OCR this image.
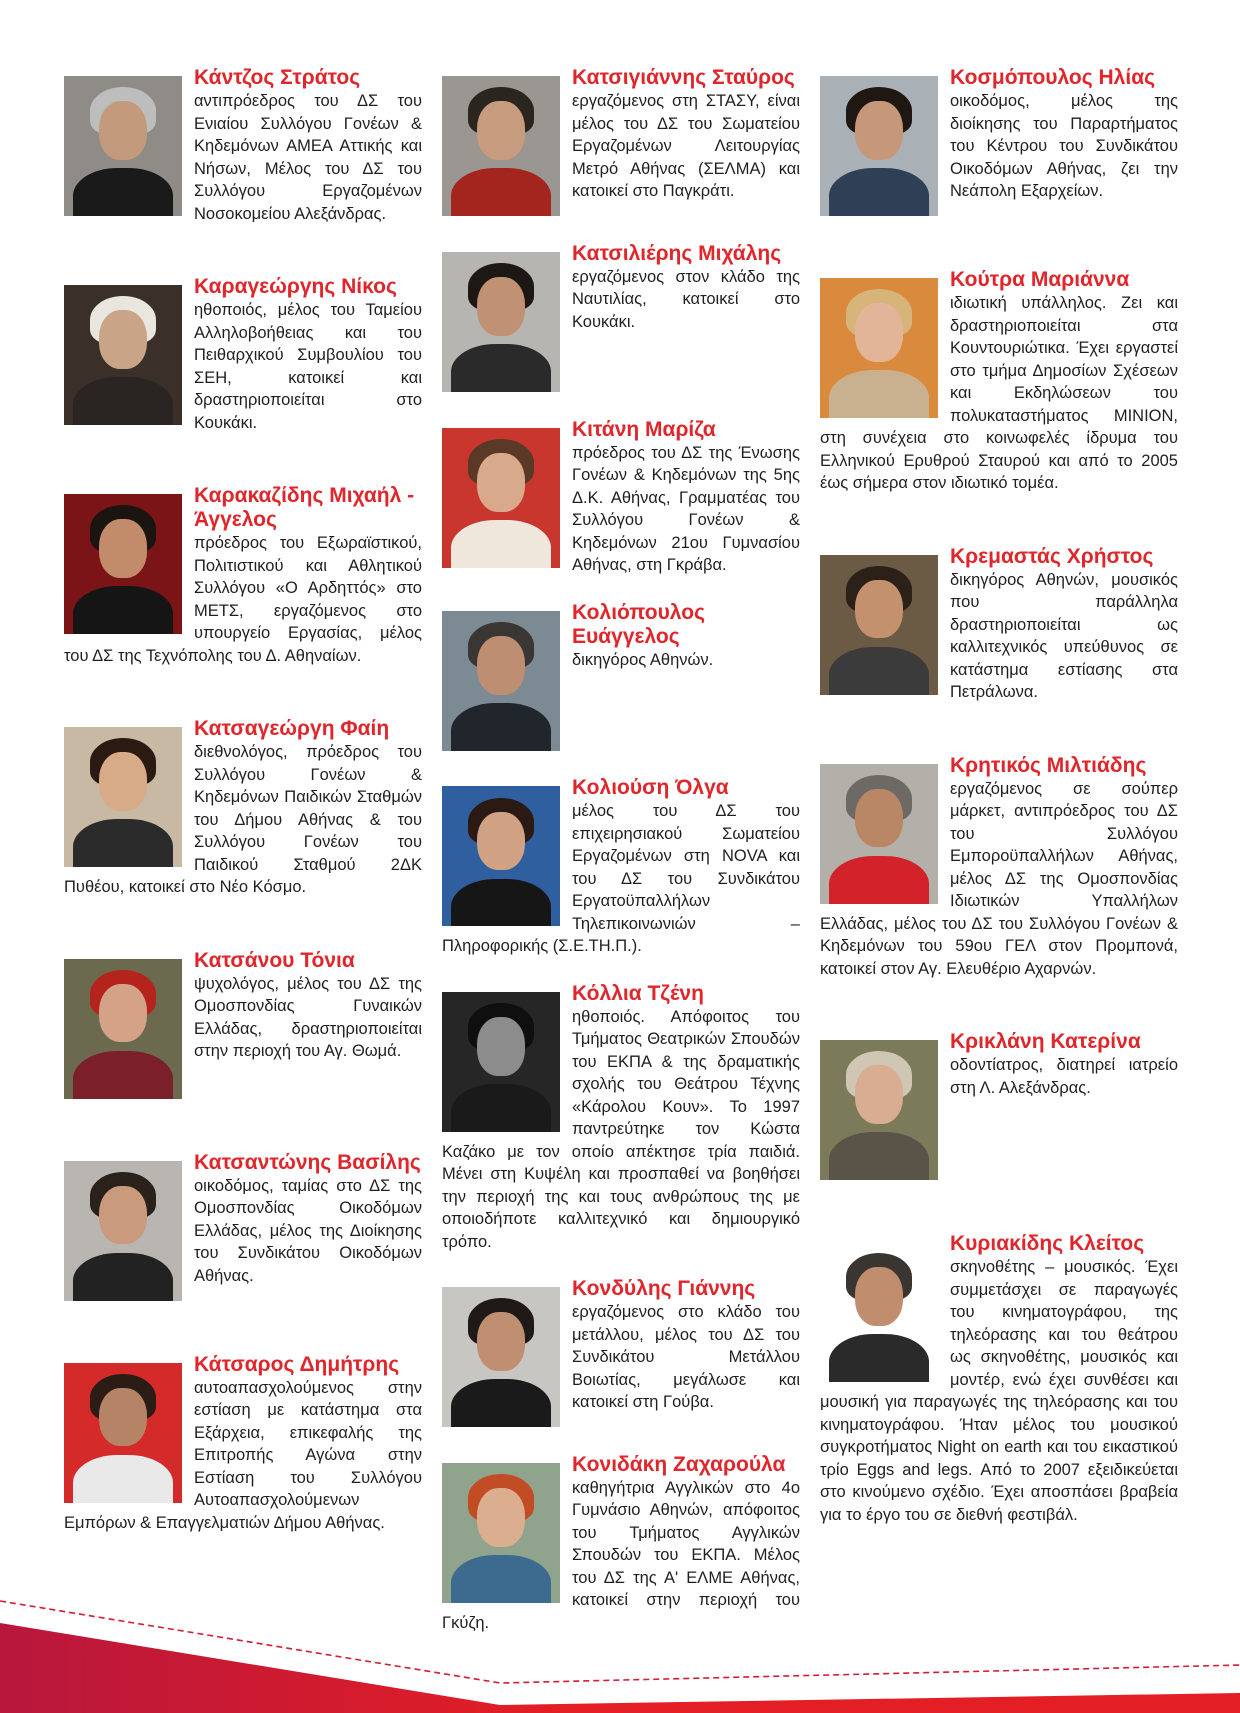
Κάντζος Στράτος

αντιπρόεδρος του ΔΣ του Ενιαίου Συλλόγου Γονέων & Κηδεμόνων ΑΜΕΑ Αττικής και Νήσων, Μέλος του ΔΣ του Συλλόγου Εργαζομένων Νοσοκομείου Αλεξάνδρας.

Καραγεώργης Νίκος

ηθοποιός, μέλος του Ταμείου Αλληλοβοήθειας και του Πειθαρχικού Συμβουλίου του ΣΕΗ, κατοικεί και δραστηριοποιείται στο Κουκάκι.

Καρακαζίδης Μιχαήλ - Άγγελος

πρόεδρος του Εξωραϊστικού, Πολιτιστικού και Αθλητικού Συλλόγου «Ο Αρδηττός» στο ΜΕΤΣ, εργαζόμενος στο υπουργείο Εργασίας, μέλος του ΔΣ της Τεχνόπολης του Δ. Αθηναίων.

Κατσαγεώργη Φαίη

διεθνολόγος, πρόεδρος του Συλλόγου Γονέων & Κηδεμόνων Παιδικών Σταθμών του Δήμου Αθήνας & του Συλλόγου Γονέων του Παιδικού Σταθμού 2ΔΚ Πυθέου, κατοικεί στο Νέο Κόσμο.

Κατσάνου Τόνια

ψυχολόγος, μέλος του ΔΣ της Ομοσπονδίας Γυναικών Ελλάδας, δραστηριοποιείται στην περιοχή του Αγ. Θωμά.

Κατσαντώνης Βασίλης

οικοδόμος, ταμίας στο ΔΣ της Ομοσπονδίας Οικοδόμων Ελλάδας, μέλος της Διοίκησης του Συνδικάτου Οικοδόμων Αθήνας.

Κάτσαρος Δημήτρης

αυτοαπασχολούμενος στην εστίαση με κατάστημα στα Εξάρχεια, επικεφαλής της Επιτροπής Αγώνα στην Εστίαση του Συλλόγου Αυτοαπασχολούμενων Εμπόρων & Επαγγελματιών Δήμου Αθήνας.

Κατσιγιάννης Σταύρος

εργαζόμενος στη ΣΤΑΣΥ, είναι μέλος του ΔΣ του Σωματείου Εργαζομένων Λειτουργίας Μετρό Αθήνας (ΣΕΛΜΑ) και κατοικεί στο Παγκράτι.

Κατσιλιέρης Μιχάλης

εργαζόμενος στον κλάδο της Ναυτιλίας, κατοικεί στο Κουκάκι.

Κιτάνη Μαρίζα

πρόεδρος του ΔΣ της Ένωσης Γονέων & Κηδεμόνων της 5ης Δ.Κ. Αθήνας, Γραμματέας του Συλλόγου Γονέων & Κηδεμόνων 21ου Γυμνασίου Αθήνας, στη Γκράβα.

Κολιόπουλος Ευάγγελος

δικηγόρος Αθηνών.

Κολιούση Όλγα

μέλος του ΔΣ του επιχειρησιακού Σωματείου Εργαζομένων στη NOVA και του ΔΣ του Συνδικάτου Εργατοϋπαλλήλων Τηλεπικοινωνιών – Πληροφορικής (Σ.Ε.ΤΗ.Π.).

Κόλλια Τζένη

ηθοποιός. Απόφοιτος του Τμήματος Θεατρικών Σπουδών του ΕΚΠΑ & της δραματικής σχολής του Θεάτρου Τέχνης «Κάρολου Κουν». Το 1997 παντρεύτηκε τον Κώστα Καζάκο με τον οποίο απέκτησε τρία παιδιά. Μένει στη Κυψέλη και προσπαθεί να βοηθήσει την περιοχή της και τους ανθρώπους της με οποιοδήποτε καλλιτεχνικό και δημιουργικό τρόπο.

Κονδύλης Γιάννης

εργαζόμενος στο κλάδο του μετάλλου, μέλος του ΔΣ του Συνδικάτου Μετάλλου Βοιωτίας, μεγάλωσε και κατοικεί στη Γούβα.

Κονιδάκη Ζαχαρούλα

καθηγήτρια Αγγλικών στο 4ο Γυμνάσιο Αθηνών, απόφοιτος του Τμήματος Αγγλικών Σπουδών του ΕΚΠΑ. Μέλος του ΔΣ της Α' ΕΛΜΕ Αθήνας, κατοικεί στην περιοχή του Γκύζη.

Κοσμόπουλος Ηλίας

οικοδόμος, μέλος της διοίκησης του Παραρτήματος του Κέντρου του Συνδικάτου Οικοδόμων Αθήνας, ζει την Νεάπολη Εξαρχείων.

Κούτρα Μαριάννα

ιδιωτική υπάλληλος. Ζει και δραστηριοποιείται στα Κουντουριώτικα. Έχει εργαστεί στο τμήμα Δημοσίων Σχέσεων και Εκδηλώσεων του πολυκαταστήματος ΜΙΝΙΟΝ, στη συνέχεια στο κοινωφελές ίδρυμα του Ελληνικού Ερυθρού Σταυρού και από το 2005 έως σήμερα στον ιδιωτικό τομέα.

Κρεμαστάς Χρήστος

δικηγόρος Αθηνών, μουσικός που παράλληλα δραστηριοποιείται ως καλλιτεχνικός υπεύθυνος σε κατάστημα εστίασης στα Πετράλωνα.

Κρητικός Μιλτιάδης

εργαζόμενος σε σούπερ μάρκετ, αντιπρόεδρος του ΔΣ του Συλλόγου Εμποροϋπαλλήλων Αθήνας, μέλος ΔΣ της Ομοσπονδίας Ιδιωτικών Υπαλλήλων Ελλάδας, μέλος του ΔΣ του Συλλόγου Γονέων & Κηδεμόνων του 59ου ΓΕΛ στον Προμπονά, κατοικεί στον Αγ. Ελευθέριο Αχαρνών.

Κρικλάνη Κατερίνα

οδοντίατρος, διατηρεί ιατρείο στη Λ. Αλεξάνδρας.

Κυριακίδης Κλείτος

σκηνοθέτης – μουσικός. Έχει συμμετάσχει σε παραγωγές του κινηματογράφου, της τηλεόρασης και του θεάτρου ως σκηνοθέτης, μουσικός και μοντέρ, ενώ έχει συνθέσει και μουσική για παραγωγές της τηλεόρασης και του κινηματογράφου. Ήταν μέλος του μουσικού συγκροτήματος Night on earth και του εικαστικού τρίο Eggs and legs. Από το 2007 εξειδικεύεται στο κινούμενο σχέδιο. Έχει αποσπάσει βραβεία για το έργο του σε διεθνή φεστιβάλ.
